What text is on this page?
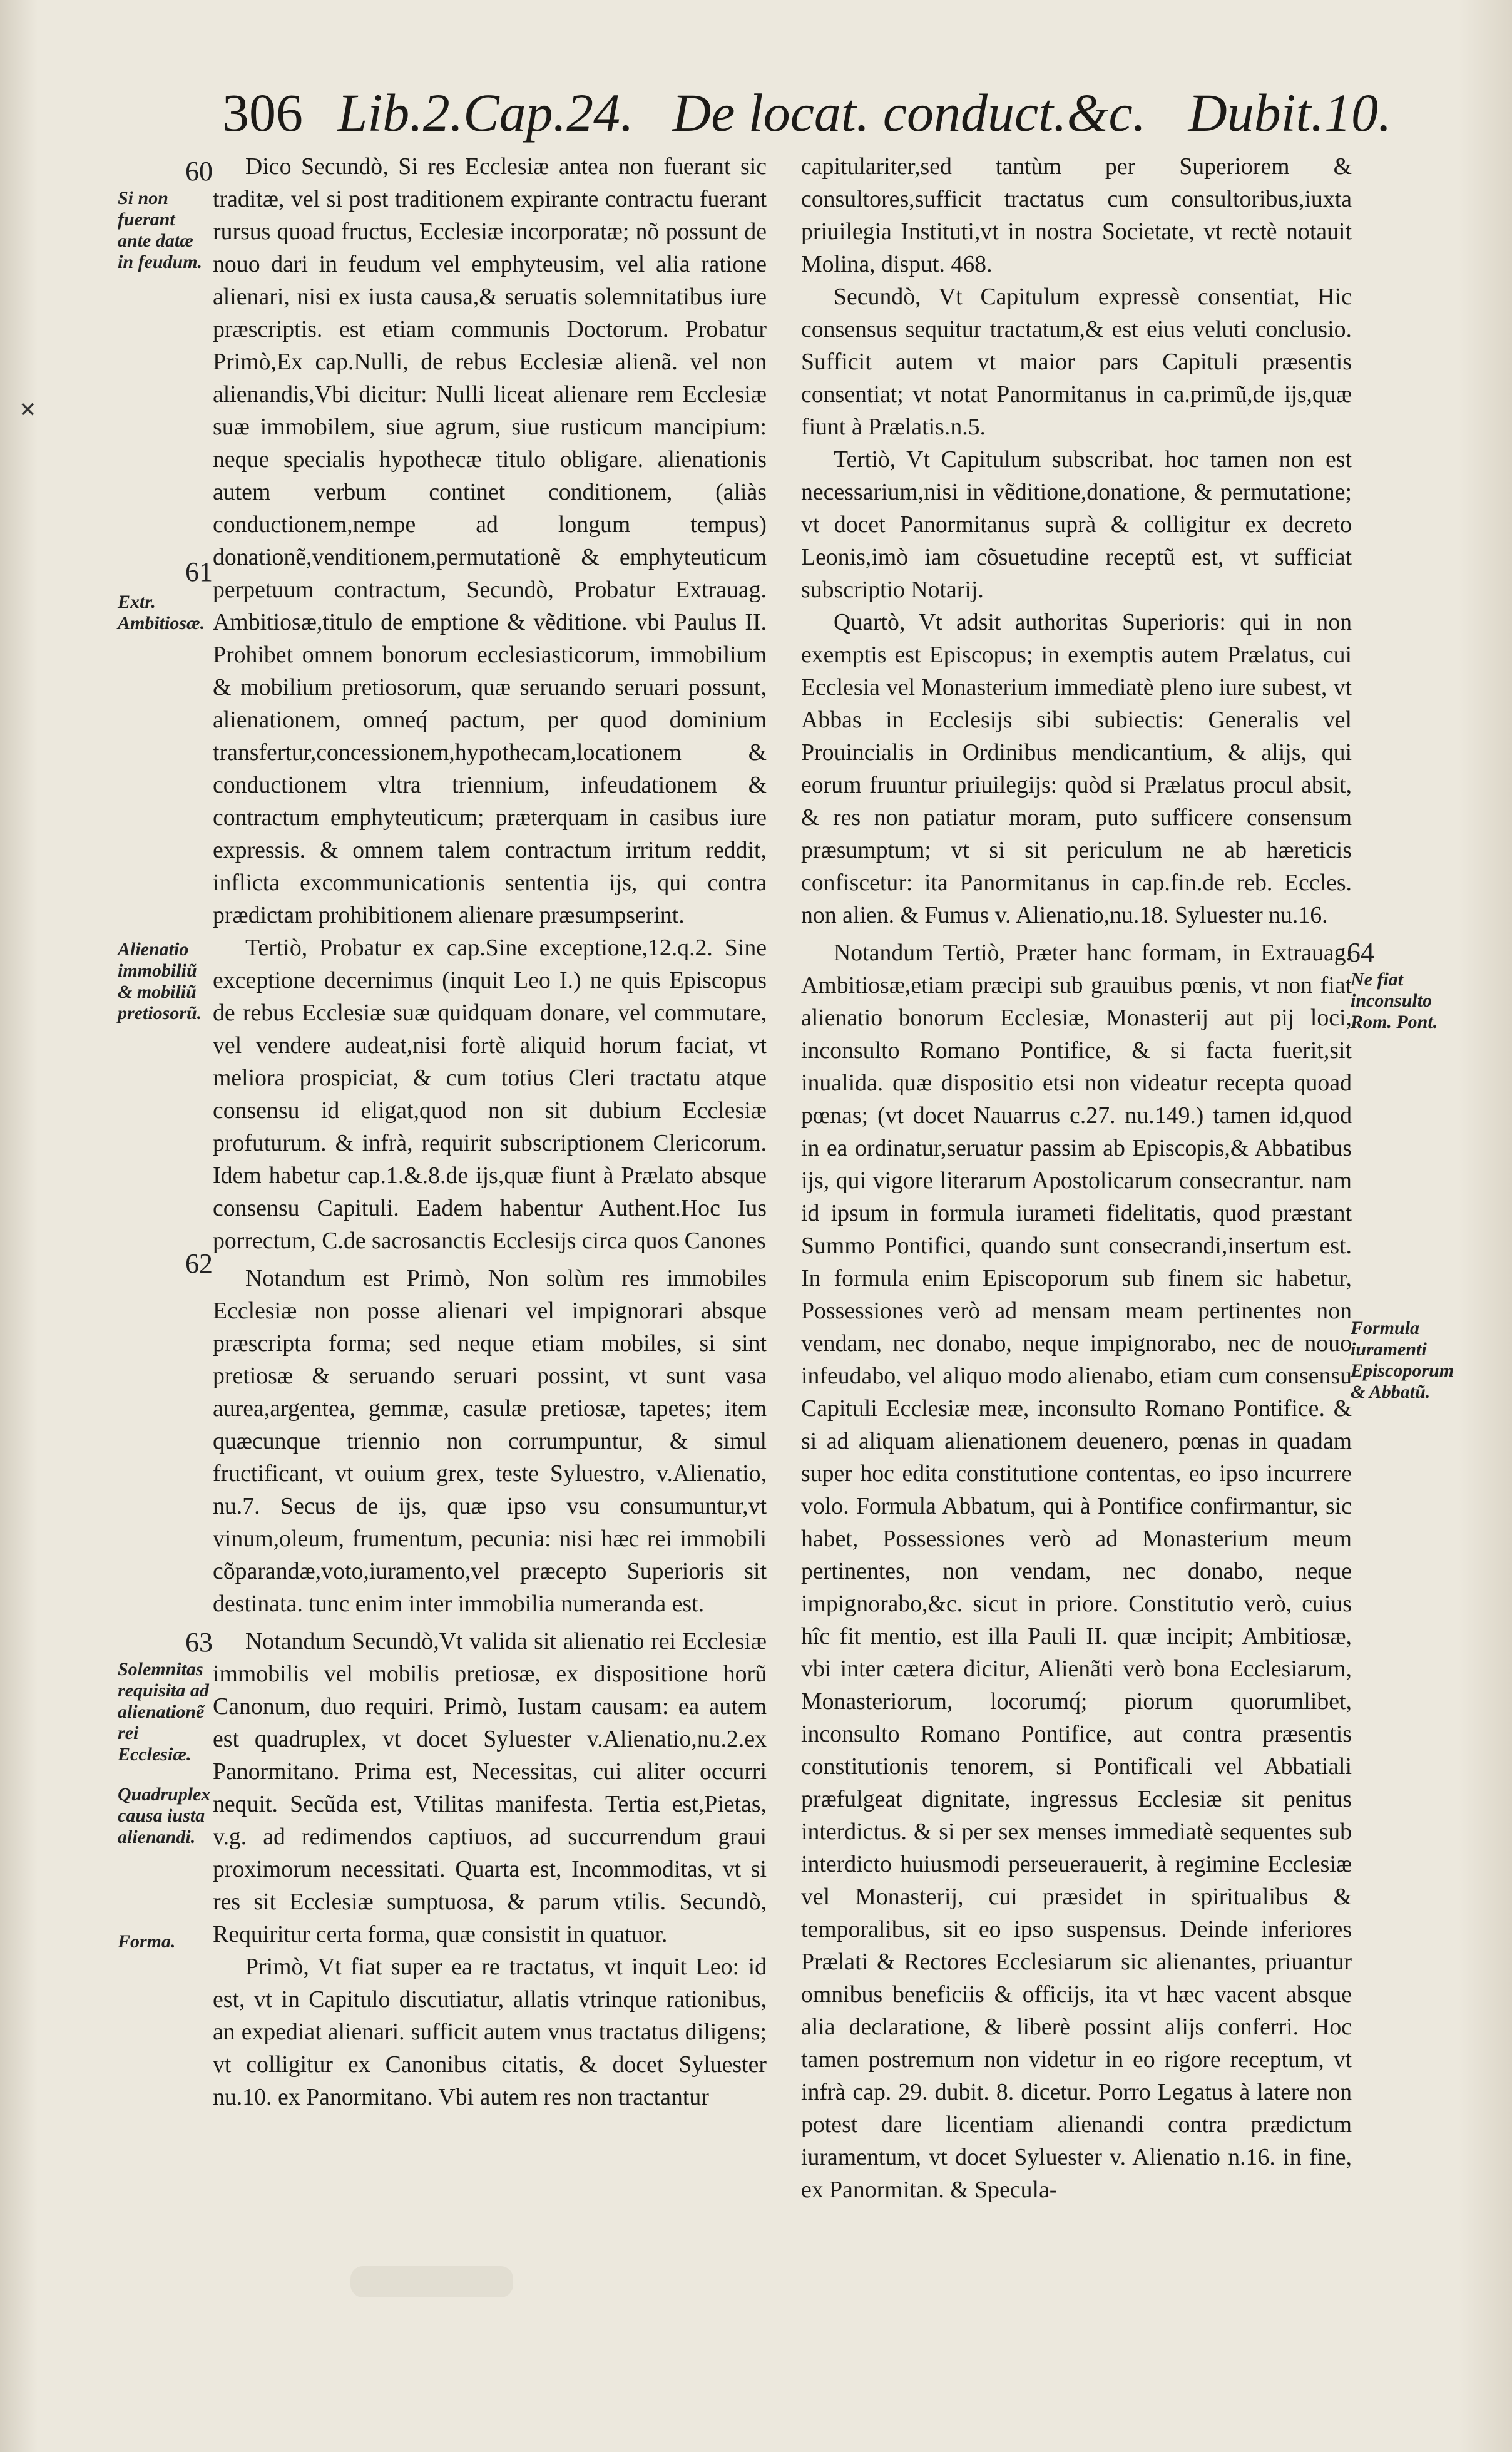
306 Lib.2.Cap.24. De locat. conduct.&c. Dubit.10.
60
61
62
63
64
Si non fuerant ante datæ in feudum.
Extr. Ambitiosæ.
Alienatio immobiliũ & mobiliũ pretiosorũ.
Solemnitas requisita ad alienationẽ rei Ecclesiæ.
Quadruplex causa iusta alienandi.
Forma.
Ne fiat inconsulto Rom. Pont.
Formula iuramenti Episcoporum & Abbatũ.
✕

Dico Secundò, Si res Ecclesiæ antea non fuerant sic traditæ, vel si post traditionem expirante contractu fuerant rursus quoad fructus, Ecclesiæ incorporatæ; nõ possunt de nouo dari in feudum vel emphyteusim, vel alia ratione alienari, nisi ex iusta causa,& seruatis solemnitatibus iure præscriptis. est etiam communis Doctorum. Probatur Primò,Ex cap.Nulli, de rebus Ecclesiæ alienã. vel non alienandis,Vbi dicitur: Nulli liceat alienare rem Ecclesiæ suæ immobilem, siue agrum, siue rusticum mancipium: neque specialis hypothecæ titulo obligare. alienationis autem verbum continet conditionem, (aliàs conductionem,nempe ad longum tempus) donationẽ,venditionem,permutationẽ & emphyteuticum perpetuum contractum, Secundò, Probatur Extrauag. Ambitiosæ,titulo de emptione & vẽditione. vbi Paulus II. Prohibet omnem bonorum ecclesiasticorum, immobilium & mobilium pretiosorum, quæ seruando seruari possunt, alienationem, omneq́ pactum, per quod dominium transfertur,concessionem,hypothecam,locationem & conductionem vltra triennium, infeudationem & contractum emphyteuticum; præterquam in casibus iure expressis. & omnem talem contractum irritum reddit, inflicta excommunicationis sententia ijs, qui contra prædictam prohibitionem alienare præsumpserint.

Tertiò, Probatur ex cap.Sine exceptione,12.q.2. Sine exceptione decernimus (inquit Leo I.) ne quis Episcopus de rebus Ecclesiæ suæ quidquam donare, vel commutare, vel vendere audeat,nisi fortè aliquid horum faciat, vt meliora prospiciat, & cum totius Cleri tractatu atque consensu id eligat,quod non sit dubium Ecclesiæ profuturum. & infrà, requirit subscriptionem Clericorum. Idem habetur cap.1.&.8.de ijs,quæ fiunt à Prælato absque consensu Capituli. Eadem habentur Authent.Hoc Ius porrectum, C.de sacrosanctis Ecclesijs circa quos Canones

Notandum est Primò, Non solùm res immobiles Ecclesiæ non posse alienari vel impignorari absque præscripta forma; sed neque etiam mobiles, si sint pretiosæ & seruando seruari possint, vt sunt vasa aurea,argentea, gemmæ, casulæ pretiosæ, tapetes; item quæcunque triennio non corrumpuntur, & simul fructificant, vt ouium grex, teste Syluestro, v.Alienatio, nu.7. Secus de ijs, quæ ipso vsu consumuntur,vt vinum,oleum, frumentum, pecunia: nisi hæc rei immobili cõparandæ,voto,iuramento,vel præcepto Superioris sit destinata. tunc enim inter immobilia numeranda est.

Notandum Secundò,Vt valida sit alienatio rei Ecclesiæ immobilis vel mobilis pretiosæ, ex dispositione horũ Canonum, duo requiri. Primò, Iustam causam: ea autem est quadruplex, vt docet Syluester v.Alienatio,nu.2.ex Panormitano. Prima est, Necessitas, cui aliter occurri nequit. Secũda est, Vtilitas manifesta. Tertia est,Pietas, v.g. ad redimendos captiuos, ad succurrendum graui proximorum necessitati. Quarta est, Incommoditas, vt si res sit Ecclesiæ sumptuosa, & parum vtilis. Secundò, Requiritur certa forma, quæ consistit in quatuor.

Primò, Vt fiat super ea re tractatus, vt inquit Leo: id est, vt in Capitulo discutiatur, allatis vtrinque rationibus, an expediat alienari. sufficit autem vnus tractatus diligens; vt colligitur ex Canonibus citatis, & docet Syluester nu.10. ex Panormitano. Vbi autem res non tractantur

capitulariter,sed tantùm per Superiorem & consultores,sufficit tractatus cum consultoribus,iuxta priuilegia Instituti,vt in nostra Societate, vt rectè notauit Molina, disput. 468.

Secundò, Vt Capitulum expressè consentiat, Hic consensus sequitur tractatum,& est eius veluti conclusio. Sufficit autem vt maior pars Capituli præsentis consentiat; vt notat Panormitanus in ca.primũ,de ijs,quæ fiunt à Prælatis.n.5.

Tertiò, Vt Capitulum subscribat. hoc tamen non est necessarium,nisi in vẽditione,donatione, & permutatione; vt docet Panormitanus suprà & colligitur ex decreto Leonis,imò iam cõsuetudine receptũ est, vt sufficiat subscriptio Notarij.

Quartò, Vt adsit authoritas Superioris: qui in non exemptis est Episcopus; in exemptis autem Prælatus, cui Ecclesia vel Monasterium immediatè pleno iure subest, vt Abbas in Ecclesijs sibi subiectis: Generalis vel Prouincialis in Ordinibus mendicantium, & alijs, qui eorum fruuntur priuilegijs: quòd si Prælatus procul absit, & res non patiatur moram, puto sufficere consensum præsumptum; vt si sit periculum ne ab hæreticis confiscetur: ita Panormitanus in cap.fin.de reb. Eccles. non alien. & Fumus v. Alienatio,nu.18. Syluester nu.16.

Notandum Tertiò, Præter hanc formam, in Extrauag. Ambitiosæ,etiam præcipi sub grauibus pœnis, vt non fiat alienatio bonorum Ecclesiæ, Monasterij aut pij loci, inconsulto Romano Pontifice, & si facta fuerit,sit inualida. quæ dispositio etsi non videatur recepta quoad pœnas; (vt docet Nauarrus c.27. nu.149.) tamen id,quod in ea ordinatur,seruatur passim ab Episcopis,& Abbatibus ijs, qui vigore literarum Apostolicarum consecrantur. nam id ipsum in formula iurameti fidelitatis, quod præstant Summo Pontifici, quando sunt consecrandi,insertum est. In formula enim Episcoporum sub finem sic habetur, Possessiones verò ad mensam meam pertinentes non vendam, nec donabo, neque impignorabo, nec de nouo infeudabo, vel aliquo modo alienabo, etiam cum consensu Capituli Ecclesiæ meæ, inconsulto Romano Pontifice. & si ad aliquam alienationem deuenero, pœnas in quadam super hoc edita constitutione contentas, eo ipso incurrere volo. Formula Abbatum, qui à Pontifice confirmantur, sic habet, Possessiones verò ad Monasterium meum pertinentes, non vendam, nec donabo, neque impignorabo,&c. sicut in priore. Constitutio verò, cuius hîc fit mentio, est illa Pauli II. quæ incipit; Ambitiosæ, vbi inter cætera dicitur, Alienãti verò bona Ecclesiarum, Monasteriorum, locorumq́; piorum quorumlibet, inconsulto Romano Pontifice, aut contra præsentis constitutionis tenorem, si Pontificali vel Abbatiali præfulgeat dignitate, ingressus Ecclesiæ sit penitus interdictus. & si per sex menses immediatè sequentes sub interdicto huiusmodi perseuerauerit, à regimine Ecclesiæ vel Monasterij, cui præsidet in spiritualibus & temporalibus, sit eo ipso suspensus. Deinde inferiores Prælati & Rectores Ecclesiarum sic alienantes, priuantur omnibus beneficiis & officijs, ita vt hæc vacent absque alia declaratione, & liberè possint alijs conferri. Hoc tamen postremum non videtur in eo rigore receptum, vt infrà cap. 29. dubit. 8. dicetur. Porro Legatus à latere non potest dare licentiam alienandi contra prædictum iuramentum, vt docet Syluester v. Alienatio n.16. in fine, ex Panormitan. & Specula-
